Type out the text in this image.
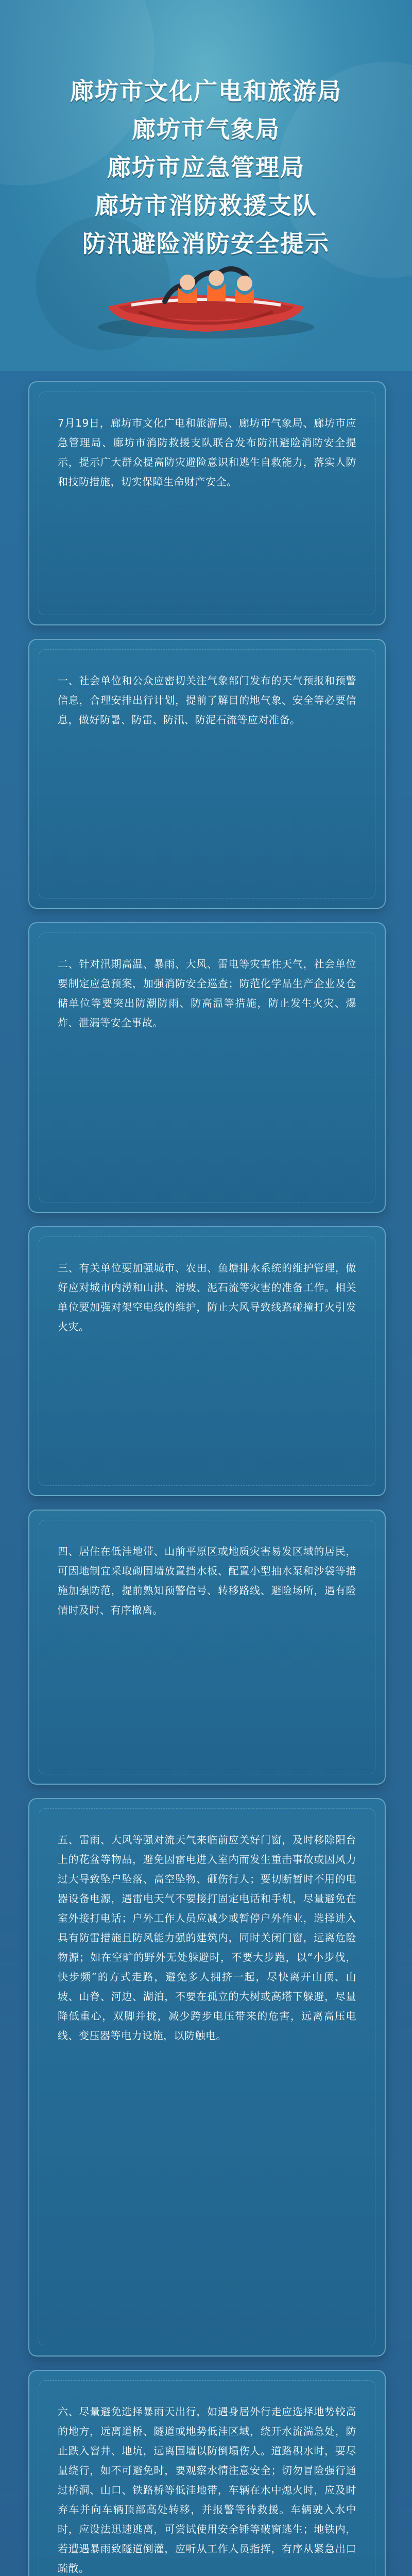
廊坊市文化广电和旅游局
廊坊市气象局
廊坊市应急管理局
廊坊市消防救援支队
防汛避险消防安全提示
7月19日，廊坊市文化广电和旅游局、廊坊市气象局、廊坊市应急管理局、廊坊市消防救援支队联合发布防汛避险消防安全提示，提示广大群众提高防灾避险意识和逃生自救能力，落实人防和技防措施，切实保障生命财产安全。
一、社会单位和公众应密切关注气象部门发布的天气预报和预警信息，合理安排出行计划，提前了解目的地气象、安全等必要信息，做好防暑、防雷、防汛、防泥石流等应对准备。
二、针对汛期高温、暴雨、大风、雷电等灾害性天气，社会单位要制定应急预案，加强消防安全巡查；防范化学品生产企业及仓储单位等要突出防潮防雨、防高温等措施，防止发生火灾、爆炸、泄漏等安全事故。
三、有关单位要加强城市、农田、鱼塘排水系统的维护管理，做好应对城市内涝和山洪、滑坡、泥石流等灾害的准备工作。相关单位要加强对架空电线的维护，防止大风导致线路碰撞打火引发火灾。
四、居住在低洼地带、山前平原区或地质灾害易发区域的居民，可因地制宜采取砌围墙放置挡水板、配置小型抽水泵和沙袋等措施加强防范，提前熟知预警信号、转移路线、避险场所，遇有险情时及时、有序撤离。
五、雷雨、大风等强对流天气来临前应关好门窗，及时移除阳台上的花盆等物品，避免因雷电进入室内而发生重击事故或因风力过大导致坠户坠落、高空坠物、砸伤行人；要切断暂时不用的电器设备电源，遇雷电天气不要接打固定电话和手机，尽量避免在室外接打电话；户外工作人员应减少或暂停户外作业，选择进入具有防雷措施且防风能力强的建筑内，同时关闭门窗，远离危险物源；如在空旷的野外无处躲避时，不要大步跑，以“小步伐，快步频”的方式走路，避免多人拥挤一起，尽快离开山顶、山坡、山脊、河边、湖泊，不要在孤立的大树或高塔下躲避，尽量降低重心，双脚并拢，减少跨步电压带来的危害，远离高压电线、变压器等电力设施，以防触电。
六、尽量避免选择暴雨天出行，如遇身居外行走应选择地势较高的地方，远离道桥、隧道或地势低洼区域，绕开水流湍急处，防止跌入窨井、地坑，远离围墙以防倒塌伤人。道路积水时，要尽量绕行，如不可避免时，要观察水情注意安全；切勿冒险强行通过桥洞、山口、铁路桥等低洼地带，车辆在水中熄火时，应及时弃车并向车辆顶部高处转移，并报警等待救援。车辆驶入水中时，应设法迅速逃离，可尝试使用安全锤等破窗逃生；地铁内，若遭遇暴雨致隧道倒灌，应听从工作人员指挥，有序从紧急出口疏散。
